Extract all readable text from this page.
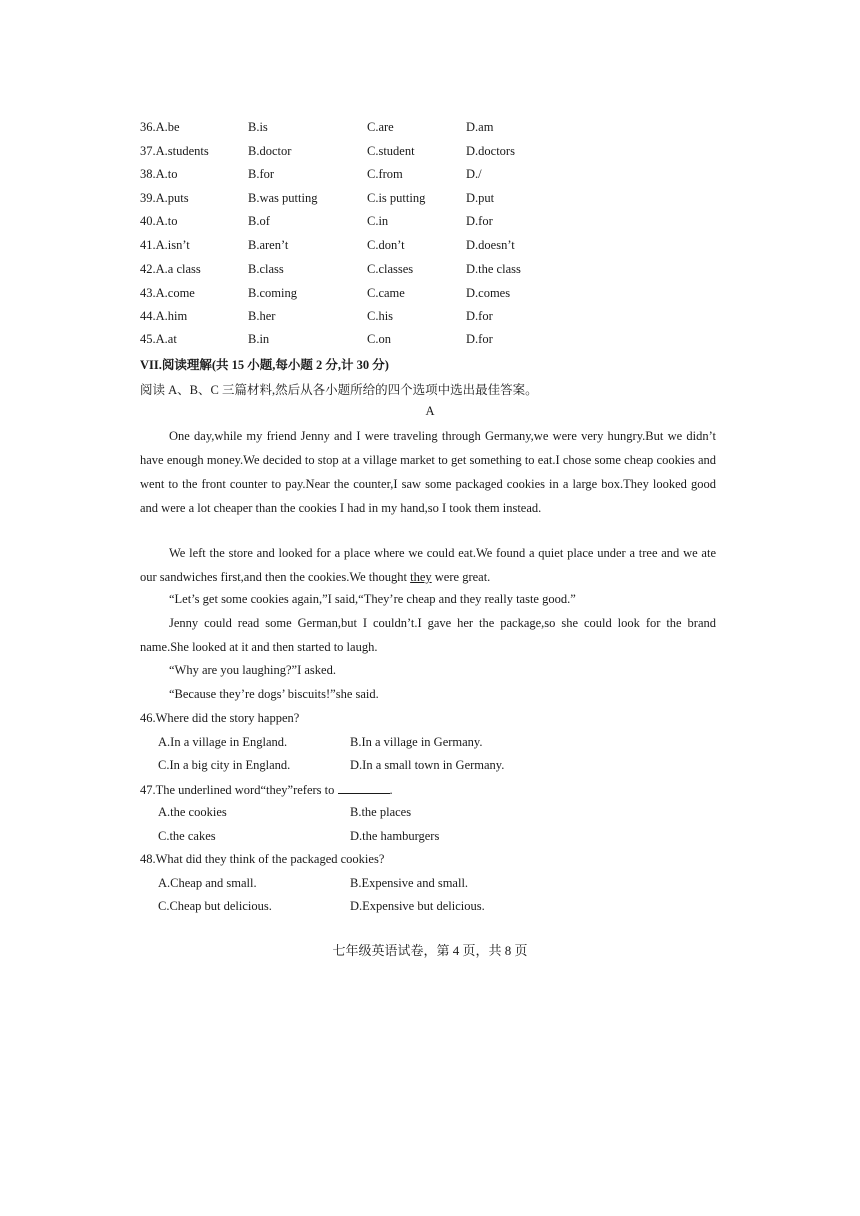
36.A.be	B.is	C.are	D.am
37.A.students	B.doctor	C.student	D.doctors
38.A.to	B.for	C.from	D./
39.A.puts	B.was putting	C.is putting	D.put
40.A.to	B.of	C.in	D.for
41.A.isn’t	B.aren’t	C.don’t	D.doesn’t
42.A.a class	B.class	C.classes	D.the class
43.A.come	B.coming	C.came	D.comes
44.A.him	B.her	C.his	D.for
45.A.at	B.in	C.on	D.for
VII.阅读理解(共 15 小题,每小题 2 分,计 30 分)
阅读 A、B、C 三篇材料,然后从各小题所给的四个选项中选出最佳答案。
A

One day,while my friend Jenny and I were traveling through Germany,we were very hungry.But we didn’t have enough money.We decided to stop at a village market to get something to eat.I chose some cheap cookies and went to the front counter to pay.Near the counter,I saw some packaged cookies in a large box.They looked good and were a lot cheaper than the cookies I had in my hand,so I took them instead.

We left the store and looked for a place where we could eat.We found a quiet place under a tree and we ate our sandwiches first,and then the cookies.We thought they were great.

“Let’s get some cookies again,”I said,“They’re cheap and they really taste good.”

Jenny could read some German,but I couldn’t.I gave her the package,so she could look for the brand name.She looked at it and then started to laugh.

“Why are you laughing?”I asked.
“Because they’re dogs’ biscuits!”she said.
46.Where did the story happen?
A.In a village in England.	B.In a village in Germany.
C.In a big city in England.	D.In a small town in Germany.
47.The underlined word“they”refers to	.
A.the cookies	B.the places
C.the cakes	D.the hamburgers
48.What did they think of the packaged cookies?
A.Cheap and small.	B.Expensive and small.
C.Cheap but delicious.	D.Expensive but delicious.
七年级英语试卷，第 4 页，共 8 页
